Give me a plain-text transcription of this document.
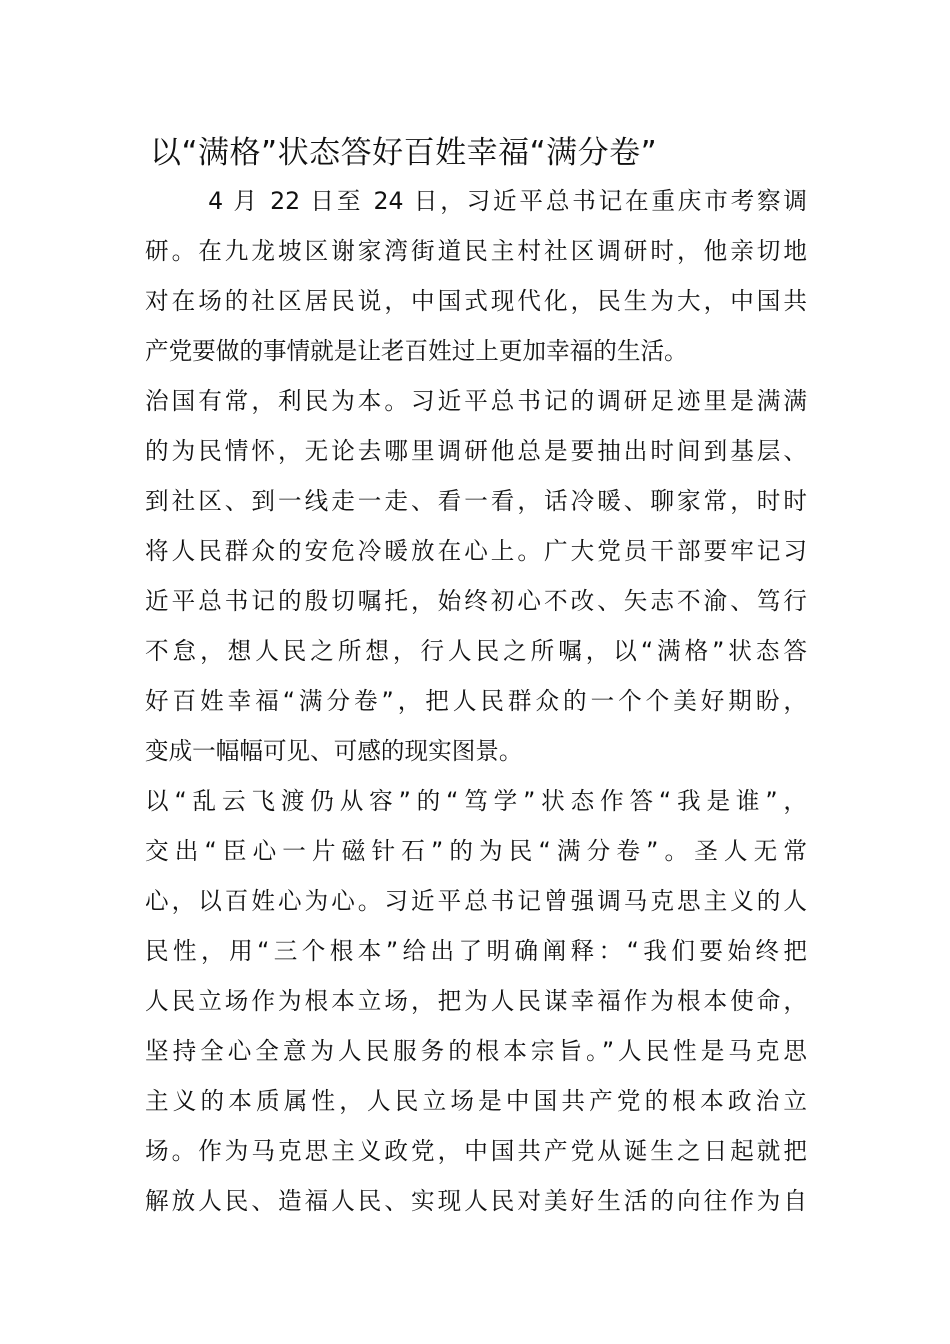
以“满格”状态答好百姓幸福“满分卷”
　　 4 月 22 日至 24 日，习近平总书记在重庆市考察调
研。在九龙坡区谢家湾街道民主村社区调研时，他亲切地
对在场的社区居民说，中国式现代化，民生为大，中国共
产党要做的事情就是让老百姓过上更加幸福的生活。
治国有常，利民为本。习近平总书记的调研足迹里是满满
的为民情怀，无论去哪里调研他总是要抽出时间到基层、
到社区、到一线走一走、看一看，话冷暖、聊家常，时时
将人民群众的安危冷暖放在心上。广大党员干部要牢记习
近平总书记的殷切嘱托，始终初心不改、矢志不渝、笃行
不怠，想人民之所想，行人民之所嘱，以“满格”状态答
好百姓幸福“满分卷”，把人民群众的一个个美好期盼，
变成一幅幅可见、可感的现实图景。
以“乱云飞渡仍从容”的“笃学”状态作答“我是谁”，
交出“臣心一片磁针石”的为民“满分卷”。圣人无常
心，以百姓心为心。习近平总书记曾强调马克思主义的人
民性，用“三个根本”给出了明确阐释：“我们要始终把
人民立场作为根本立场，把为人民谋幸福作为根本使命，
坚持全心全意为人民服务的根本宗旨。”人民性是马克思
主义的本质属性，人民立场是中国共产党的根本政治立
场。作为马克思主义政党，中国共产党从诞生之日起就把
解放人民、造福人民、实现人民对美好生活的向往作为自
